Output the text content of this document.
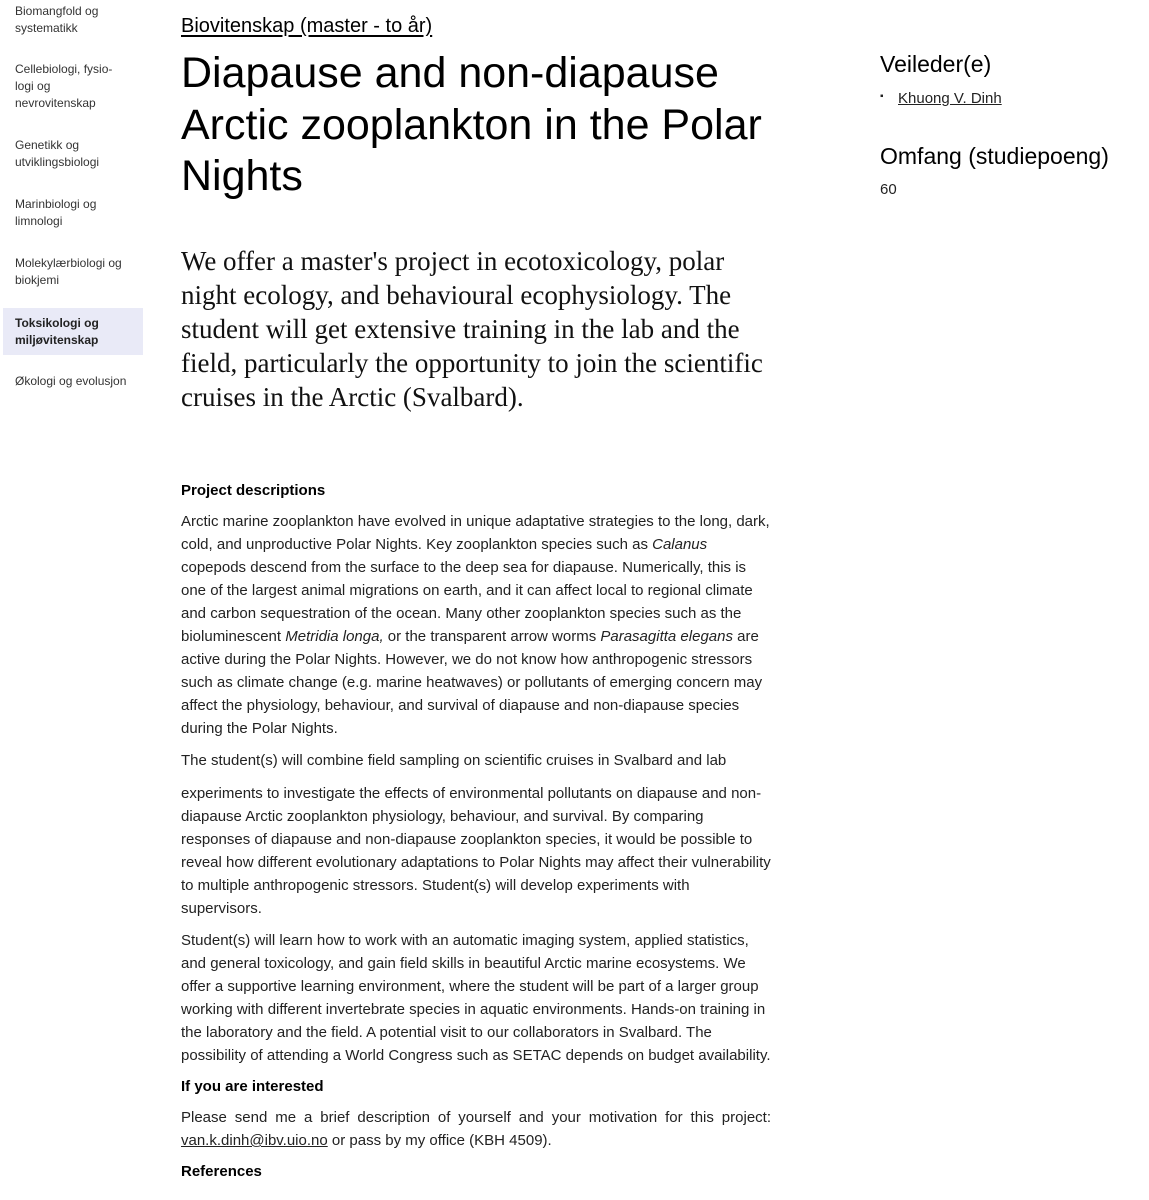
Biomangfold og systematikk
Cellebiologi, fysio-logi og nevrovitenskap
Genetikk og utviklingsbiologi
Marinbiologi og limnologi
Molekylærbiologi og biokjemi
Toksikologi og miljøvitenskap
Økologi og evolusjon
Biovitenskap (master - to år)
Diapause and non-diapause Arctic zooplankton in the Polar Nights

We offer a master's project in ecotoxicology, polar night ecology, and behavioural ecophysiology. The student will get extensive training in the lab and the field, particularly the opportunity to join the scientific cruises in the Arctic (Svalbard).

Project descriptions

Arctic marine zooplankton have evolved in unique adaptative strategies to the long, dark, cold, and unproductive Polar Nights. Key zooplankton species such as Calanus copepods descend from the surface to the deep sea for diapause. Numerically, this is one of the largest animal migrations on earth, and it can affect local to regional climate and carbon sequestration of the ocean. Many other zooplankton species such as the bioluminescent Metridia longa, or the transparent arrow worms Parasagitta elegans are active during the Polar Nights. However, we do not know how anthropogenic stressors such as climate change (e.g. marine heatwaves) or pollutants of emerging concern may affect the physiology, behaviour, and survival of diapause and non-diapause species during the Polar Nights.

The student(s) will combine field sampling on scientific cruises in Svalbard and lab

experiments to investigate the effects of environmental pollutants on diapause and non-diapause Arctic zooplankton physiology, behaviour, and survival. By comparing responses of diapause and non-diapause zooplankton species, it would be possible to reveal how different evolutionary adaptations to Polar Nights may affect their vulnerability to multiple anthropogenic stressors. Student(s) will develop experiments with supervisors.

Student(s) will learn how to work with an automatic imaging system, applied statistics, and general toxicology, and gain field skills in beautiful Arctic marine ecosystems. We offer a supportive learning environment, where the student will be part of a larger group working with different invertebrate species in aquatic environments. Hands-on training in the laboratory and the field. A potential visit to our collaborators in Svalbard. The possibility of attending a World Congress such as SETAC depends on budget availability.

If you are interested

Please send me a brief description of yourself and your motivation for this project: van.k.dinh@ibv.uio.no or pass by my office (KBH 4509).

References
Veileder(e)
▪ Khuong V. Dinh
Omfang (studiepoeng)
60
